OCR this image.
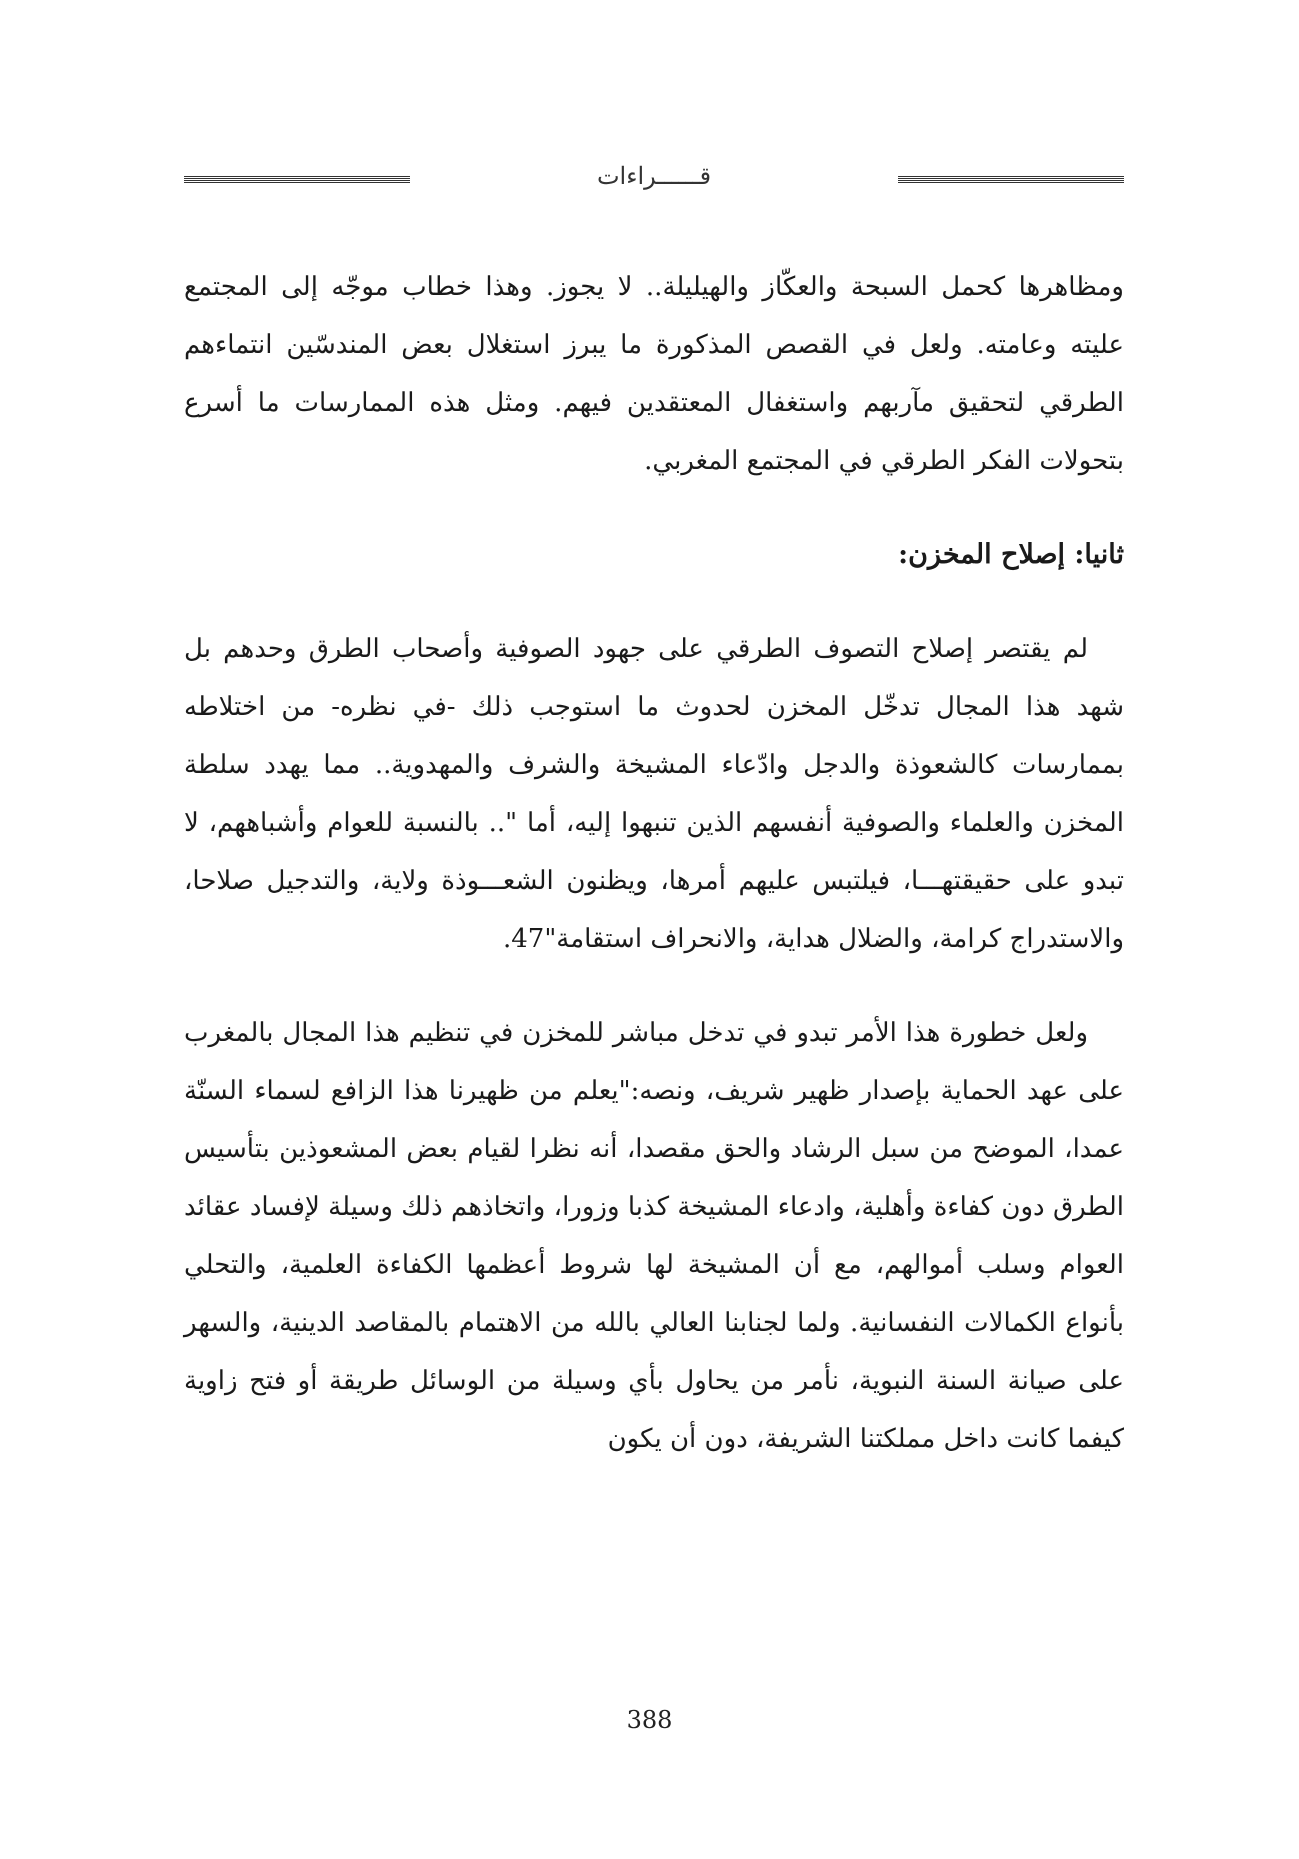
قــــــراءات

ومظاهرها كحمل السبحة والعكّاز والهيليلة.. لا يجوز. وهذا خطاب موجّه إلى المجتمع عليته وعامته. ولعل في القصص المذكورة ما يبرز استغلال بعض المندسّين انتماءهم الطرقي لتحقيق مآربهم واستغفال المعتقدين فيهم. ومثل هذه الممارسات ما أسرع بتحولات الفكر الطرقي في المجتمع المغربي.

ثانيا: إصلاح المخزن:

لم يقتصر إصلاح التصوف الطرقي على جهود الصوفية وأصحاب الطرق وحدهم بل شهد هذا المجال تدخّل المخزن لحدوث ما استوجب ذلك -في نظره- من اختلاطه بممارسات كالشعوذة والدجل وادّعاء المشيخة والشرف والمهدوية.. مما يهدد سلطة المخزن والعلماء والصوفية أنفسهم الذين تنبهوا إليه، أما ".. بالنسبة للعوام وأشباههم، لا تبدو على حقيقتهـــا، فيلتبس عليهم أمرها، ويظنون الشعـــوذة ولاية، والتدجيل صلاحا، والاستدراج كرامة، والضلال هداية، والانحراف استقامة"47.

ولعل خطورة هذا الأمر تبدو في تدخل مباشر للمخزن في تنظيم هذا المجال بالمغرب على عهد الحماية بإصدار ظهير شريف، ونصه:"يعلم من ظهيرنا هذا الزافع لسماء السنّة عمدا، الموضح من سبل الرشاد والحق مقصدا، أنه نظرا لقيام بعض المشعوذين بتأسيس الطرق دون كفاءة وأهلية، وادعاء المشيخة كذبا وزورا، واتخاذهم ذلك وسيلة لإفساد عقائد العوام وسلب أموالهم، مع أن المشيخة لها شروط أعظمها الكفاءة العلمية، والتحلي بأنواع الكمالات النفسانية. ولما لجنابنا العالي بالله من الاهتمام بالمقاصد الدينية، والسهر على صيانة السنة النبوية، نأمر من يحاول بأي وسيلة من الوسائل طريقة أو فتح زاوية كيفما كانت داخل مملكتنا الشريفة، دون أن يكون

388
